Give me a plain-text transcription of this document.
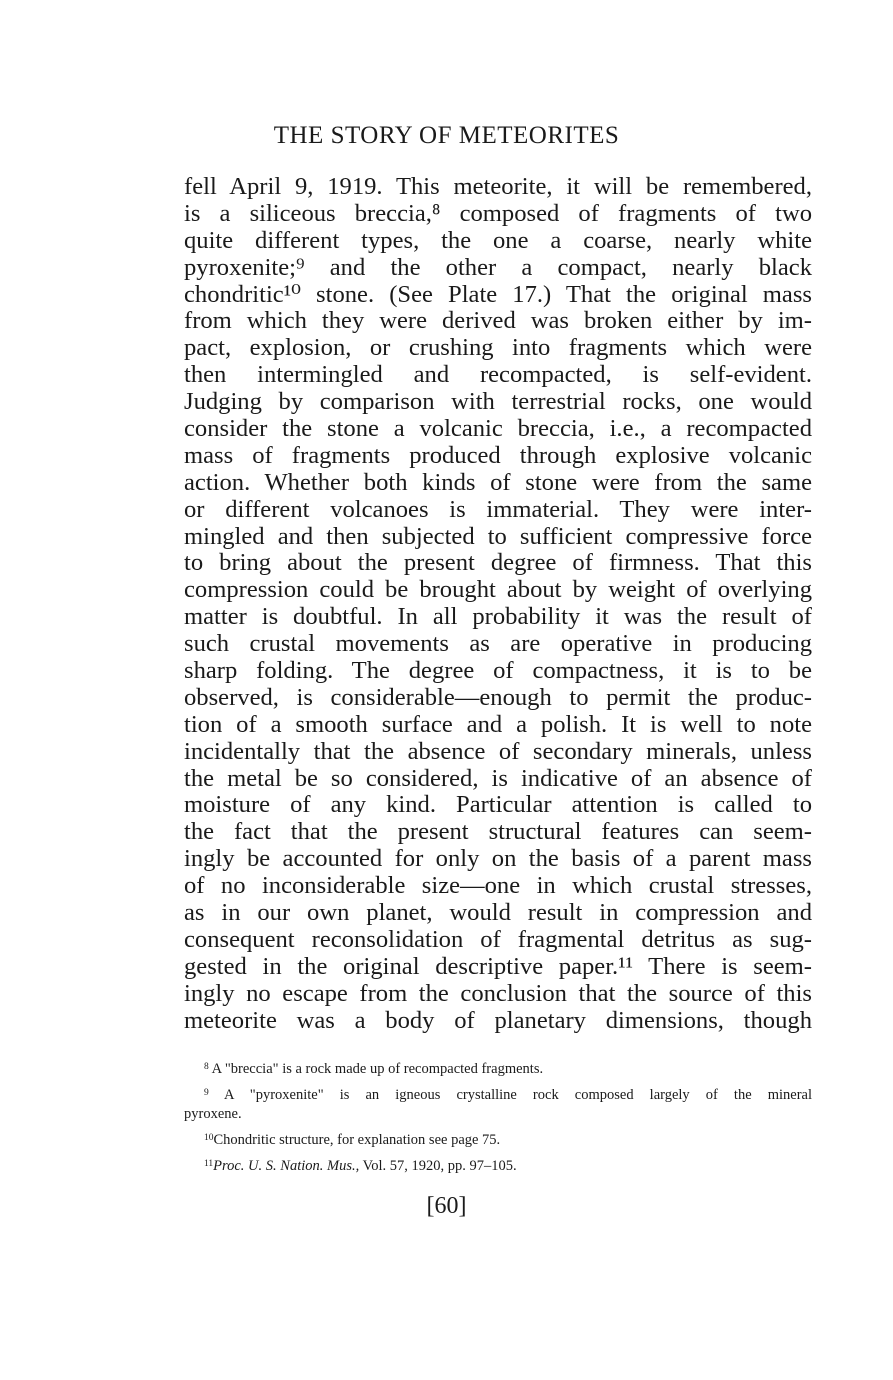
THE STORY OF METEORITES
fell April 9, 1919. This meteorite, it will be remembered,
is a siliceous breccia,⁸ composed of fragments of two
quite different types, the one a coarse, nearly white
pyroxenite;⁹ and the other a compact, nearly black
chondritic¹⁰ stone. (See Plate 17.) That the original mass
from which they were derived was broken either by im-
pact, explosion, or crushing into fragments which were
then intermingled and recompacted, is self-evident.
Judging by comparison with terrestrial rocks, one would
consider the stone a volcanic breccia, i.e., a recompacted
mass of fragments produced through explosive volcanic
action. Whether both kinds of stone were from the same
or different volcanoes is immaterial. They were inter-
mingled and then subjected to sufficient compressive force
to bring about the present degree of firmness. That this
compression could be brought about by weight of overlying
matter is doubtful. In all probability it was the result of
such crustal movements as are operative in producing
sharp folding. The degree of compactness, it is to be
observed, is considerable—enough to permit the produc-
tion of a smooth surface and a polish. It is well to note
incidentally that the absence of secondary minerals, unless
the metal be so considered, is indicative of an absence of
moisture of any kind. Particular attention is called to
the fact that the present structural features can seem-
ingly be accounted for only on the basis of a parent mass
of no inconsiderable size—one in which crustal stresses,
as in our own planet, would result in compression and
consequent reconsolidation of fragmental detritus as sug-
gested in the original descriptive paper.¹¹ There is seem-
ingly no escape from the conclusion that the source of this
meteorite was a body of planetary dimensions, though
$^8$ A "breccia" is a rock made up of recompacted fragments.
$^9$ A "pyroxenite" is an igneous crystalline rock composed largely of the mineral
pyroxene.
$^{10}$Chondritic structure, for explanation see page 75.
$^{11}$Proc. U. S. Nation. Mus., Vol. 57, 1920, pp. 97–105.
[60]
